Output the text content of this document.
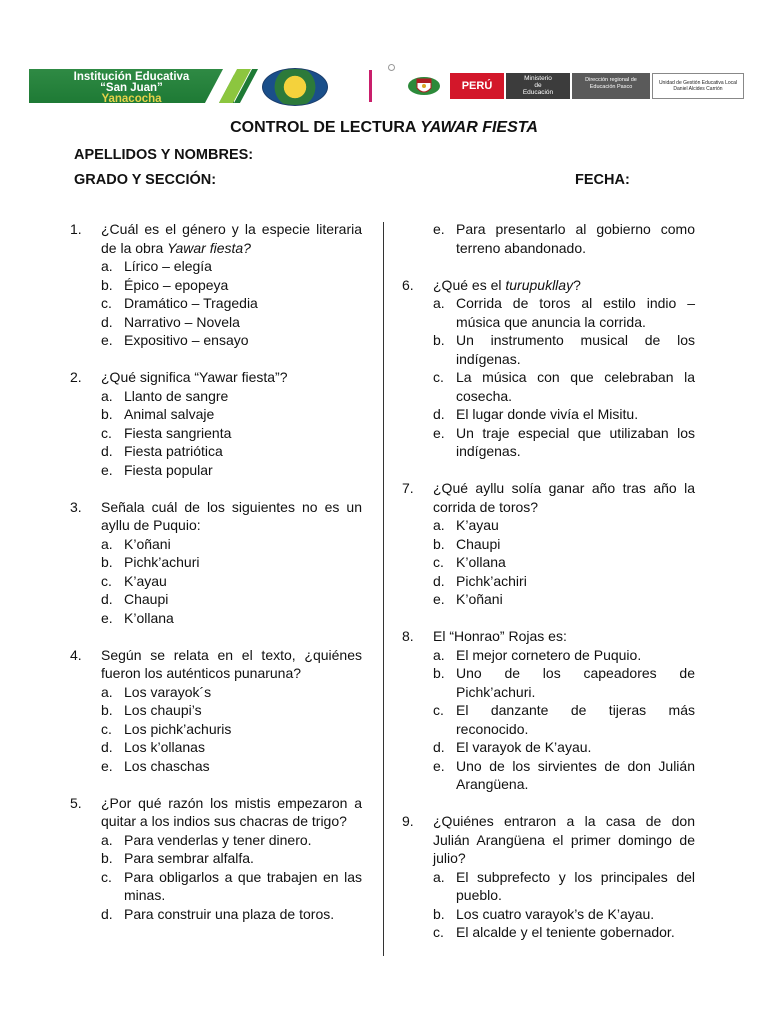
Institución Educativa
“San Juan”
Yanacocha
PERÚ
Ministerio
de
Educación
Dirección regional de
Educación Pasco
Unidad de Gestión Educativa Local
Daniel Alcides Carrión
CONTROL DE LECTURA YAWAR FIESTA
APELLIDOS Y NOMBRES:
GRADO Y SECCIÓN:	FECHA:
1. ¿Cuál es el género y la especie literaria de la obra Yawar fiesta?
a. Lírico – elegía
b. Épico – epopeya
c. Dramático – Tragedia
d. Narrativo – Novela
e. Expositivo – ensayo
2. ¿Qué significa “Yawar fiesta”?
a. Llanto de sangre
b. Animal salvaje
c. Fiesta sangrienta
d. Fiesta patriótica
e. Fiesta popular
3. Señala cuál de los siguientes no es un ayllu de Puquio:
a. K’oñani
b. Pichk’achuri
c. K’ayau
d. Chaupi
e. K’ollana
4. Según se relata en el texto, ¿quiénes fueron los auténticos punaruna?
a. Los varayok´s
b. Los chaupi’s
c. Los pichk’achuris
d. Los k’ollanas
e. Los chaschas
5. ¿Por qué razón los mistis empezaron a quitar a los indios sus chacras de trigo?
a. Para venderlas y tener dinero.
b. Para sembrar alfalfa.
c. Para obligarlos a que trabajen en las minas.
d. Para construir una plaza de toros.
e. Para presentarlo al gobierno como terreno abandonado.
6. ¿Qué es el turupukllay?
a. Corrida de toros al estilo indio – música que anuncia la corrida.
b. Un instrumento musical de los indígenas.
c. La música con que celebraban la cosecha.
d. El lugar donde vivía el Misitu.
e. Un traje especial que utilizaban los indígenas.
7. ¿Qué ayllu solía ganar año tras año la corrida de toros?
a. K’ayau
b. Chaupi
c. K’ollana
d. Pichk’achiri
e. K’oñani
8. El “Honrao” Rojas es:
a. El mejor cornetero de Puquio.
b. Uno de los capeadores de Pichk’achuri.
c. El danzante de tijeras más reconocido.
d. El varayok de K’ayau.
e. Uno de los sirvientes de don Julián Arangüena.
9. ¿Quiénes entraron a la casa de don Julián Arangüena el primer domingo de julio?
a. El subprefecto y los principales del pueblo.
b. Los cuatro varayok’s de K’ayau.
c. El alcalde y el teniente gobernador.
